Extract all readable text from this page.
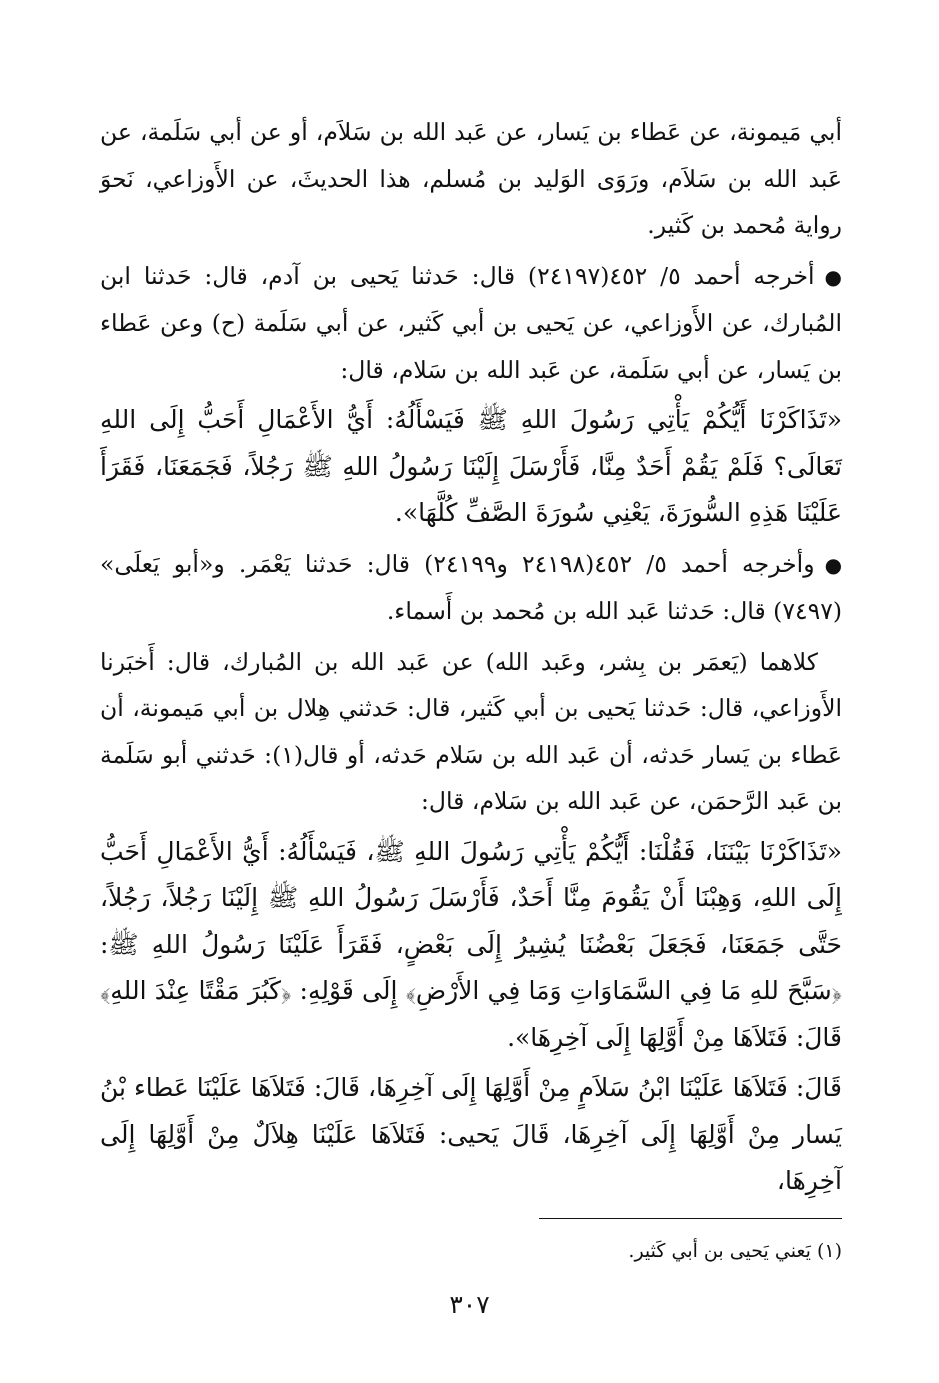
أبي مَيمونة، عن عَطاء بن يَسار، عن عَبد الله بن سَلاَم، أو عن أبي سَلَمة، عن عَبد الله بن سَلاَم، ورَوَى الوَليد بن مُسلم، هذا الحديثَ، عن الأَوزاعي، نَحوَ رواية مُحمد بن كَثير.

●أخرجه أحمد ٥/ ٤٥٢(٢٤١٩٧) قال: حَدثنا يَحيى بن آدم، قال: حَدثنا ابن المُبارك، عن الأَوزاعي، عن يَحيى بن أبي كَثير، عن أبي سَلَمة (ح) وعن عَطاء بن يَسار، عن أبي سَلَمة، عن عَبد الله بن سَلام، قال:

«تَذَاكَرْنَا أَيُّكُمْ يَأْتِي رَسُولَ اللهِ ﷺ فَيَسْأَلُهُ: أَيُّ الأَعْمَالِ أَحَبُّ إِلَى اللهِ تَعَالَى؟ فَلَمْ يَقُمْ أَحَدٌ مِنَّا، فَأَرْسَلَ إِلَيْنَا رَسُولُ اللهِ ﷺ رَجُلاً، فَجَمَعَنَا، فَقَرَأَ عَلَيْنَا هَذِهِ السُّورَةَ، يَعْنِي سُورَةَ الصَّفِّ كُلَّهَا».

●وأخرجه أحمد ٥/ ٤٥٢(٢٤١٩٨ و٢٤١٩٩) قال: حَدثنا يَعْمَر. و«أبو يَعلَى» (٧٤٩٧) قال: حَدثنا عَبد الله بن مُحمد بن أَسماء.

كلاهما (يَعمَر بن بِشر، وعَبد الله) عن عَبد الله بن المُبارك، قال: أَخبَرنا الأَوزاعي، قال: حَدثنا يَحيى بن أبي كَثير، قال: حَدثني هِلال بن أبي مَيمونة، أن عَطاء بن يَسار حَدثه، أن عَبد الله بن سَلام حَدثه، أو قال(١): حَدثني أبو سَلَمة بن عَبد الرَّحمَن، عن عَبد الله بن سَلام، قال:

«تَذَاكَرْنَا بَيْنَنَا، فَقُلْنَا: أَيُّكُمْ يَأْتِي رَسُولَ اللهِ ﷺ، فَيَسْأَلُهُ: أَيُّ الأَعْمَالِ أَحَبُّ إِلَى اللهِ، وَهِبْنَا أَنْ يَقُومَ مِنَّا أَحَدٌ، فَأَرْسَلَ رَسُولُ اللهِ ﷺ إِلَيْنَا رَجُلاً، رَجُلاً، حَتَّى جَمَعَنَا، فَجَعَلَ بَعْضُنَا يُشِيرُ إِلَى بَعْضٍ، فَقَرَأَ عَلَيْنَا رَسُولُ اللهِ ﷺ: ﴿سَبَّحَ للهِ مَا فِي السَّمَاوَاتِ وَمَا فِي الأَرْضِ﴾ إِلَى قَوْلِهِ: ﴿كَبُرَ مَقْتًا عِنْدَ اللهِ﴾ قَالَ: فَتَلاَهَا مِنْ أَوَّلِهَا إِلَى آخِرِهَا».

قَالَ: فَتَلاَهَا عَلَيْنَا ابْنُ سَلاَمٍ مِنْ أَوَّلِهَا إِلَى آخِرِهَا، قَالَ: فَتَلاَهَا عَلَيْنَا عَطاء بْنُ يَسار مِنْ أَوَّلِهَا إِلَى آخِرِهَا، قَالَ يَحيى: فَتَلاَهَا عَلَيْنَا هِلاَلٌ مِنْ أَوَّلِهَا إِلَى آخِرِهَا،

(١) يَعني يَحيى بن أبي كَثير.
٣٠٧
